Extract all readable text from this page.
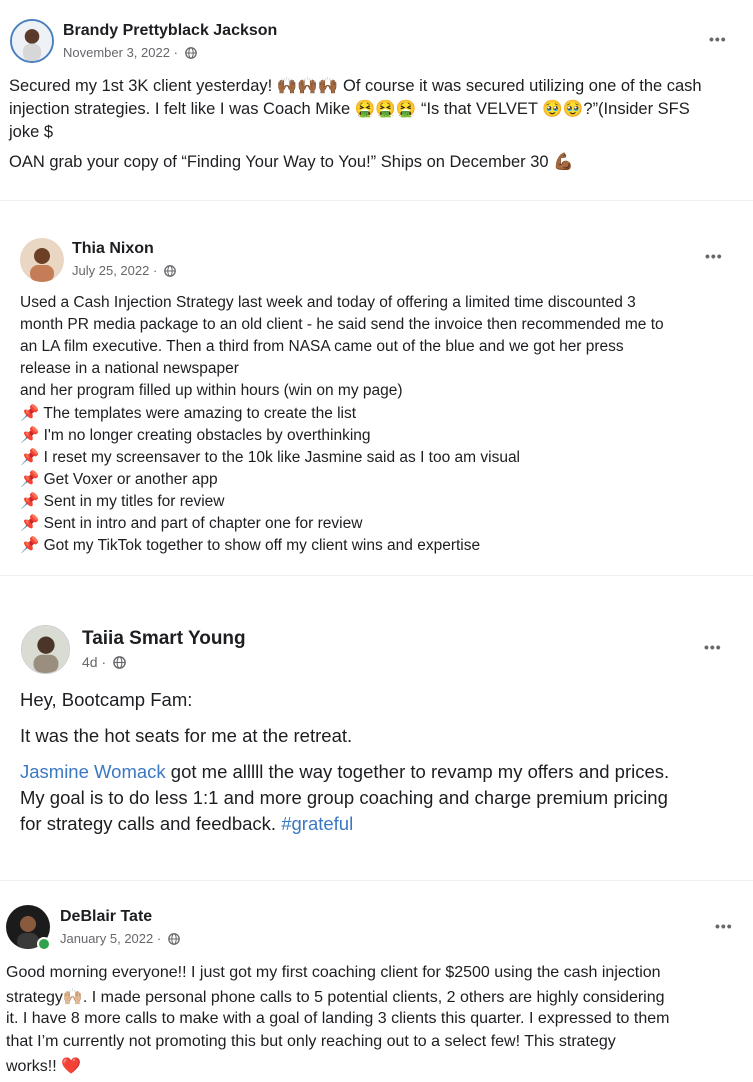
Brandy Prettyblack Jackson
November 3, 2022 ·
•••
Secured my 1st 3K client yesterday! 🙌🏾🙌🏾🙌🏾 Of course it was secured utilizing one of the cash
injection strategies. I felt like I was Coach Mike 🤮🤮🤮 “Is that VELVET 🥹🥹?”(Insider SFS
joke $
OAN grab your copy of “Finding Your Way to You!” Ships on December 30 💪🏾
Thia Nixon
July 25, 2022 ·
•••
Used a Cash Injection Strategy last week and today of offering a limited time discounted 3
month PR media package to an old client - he said send the invoice then recommended me to
an LA film executive. Then a third from NASA came out of the blue and we got her press
release in a national newspaper
and her program filled up within hours (win on my page)
📌 The templates were amazing to create the list
📌 I'm no longer creating obstacles by overthinking
📌 I reset my screensaver to the 10k like Jasmine said as I too am visual
📌 Get Voxer or another app
📌 Sent in my titles for review
📌 Sent in intro and part of chapter one for review
📌 Got my TikTok together to show off my client wins and expertise
Taiia Smart Young
4d ·
•••
Hey, Bootcamp Fam:
It was the hot seats for me at the retreat.
Jasmine Womack got me alllll the way together to revamp my offers and prices.
My goal is to do less 1:1 and more group coaching and charge premium pricing
for strategy calls and feedback. #grateful
DeBlair Tate
January 5, 2022 ·
•••
Good morning everyone!! I just got my first coaching client for $2500 using the cash injection
strategy🙌🏼. I made personal phone calls to 5 potential clients, 2 others are highly considering
it. I have 8 more calls to make with a goal of landing 3 clients this quarter. I expressed to them
that I’m currently not promoting this but only reaching out to a select few! This strategy
works!! ❤️
